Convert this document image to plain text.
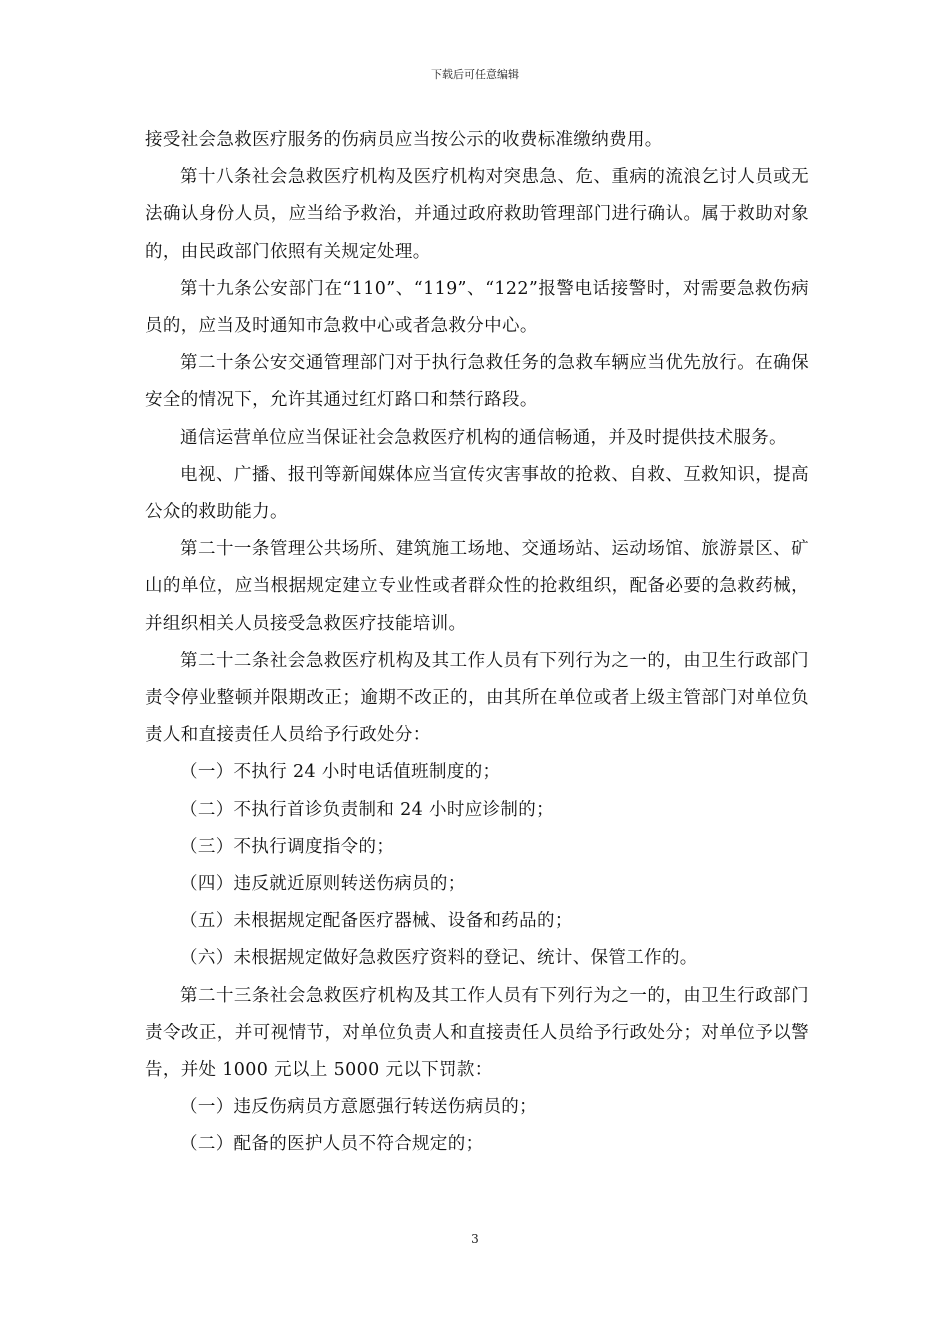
下载后可任意编辑

接受社会急救医疗服务的伤病员应当按公示的收费标准缴纳费用。

第十八条社会急救医疗机构及医疗机构对突患急、危、重病的流浪乞讨人员或无法确认身份人员，应当给予救治，并通过政府救助管理部门进行确认。属于救助对象的，由民政部门依照有关规定处理。

第十九条公安部门在“110”、“119”、“122”报警电话接警时，对需要急救伤病员的，应当及时通知市急救中心或者急救分中心。

第二十条公安交通管理部门对于执行急救任务的急救车辆应当优先放行。在确保安全的情况下，允许其通过红灯路口和禁行路段。

通信运营单位应当保证社会急救医疗机构的通信畅通，并及时提供技术服务。

电视、广播、报刊等新闻媒体应当宣传灾害事故的抢救、自救、互救知识，提高公众的救助能力。

第二十一条管理公共场所、建筑施工场地、交通场站、运动场馆、旅游景区、矿山的单位，应当根据规定建立专业性或者群众性的抢救组织，配备必要的急救药械，并组织相关人员接受急救医疗技能培训。

第二十二条社会急救医疗机构及其工作人员有下列行为之一的，由卫生行政部门责令停业整顿并限期改正；逾期不改正的，由其所在单位或者上级主管部门对单位负责人和直接责任人员给予行政处分：

（一）不执行 24 小时电话值班制度的；

（二）不执行首诊负责制和 24 小时应诊制的；

（三）不执行调度指令的；

（四）违反就近原则转送伤病员的；

（五）未根据规定配备医疗器械、设备和药品的；

（六）未根据规定做好急救医疗资料的登记、统计、保管工作的。

第二十三条社会急救医疗机构及其工作人员有下列行为之一的，由卫生行政部门责令改正，并可视情节，对单位负责人和直接责任人员给予行政处分；对单位予以警告，并处 1000 元以上 5000 元以下罚款：

（一）违反伤病员方意愿强行转送伤病员的；

（二）配备的医护人员不符合规定的；

3
